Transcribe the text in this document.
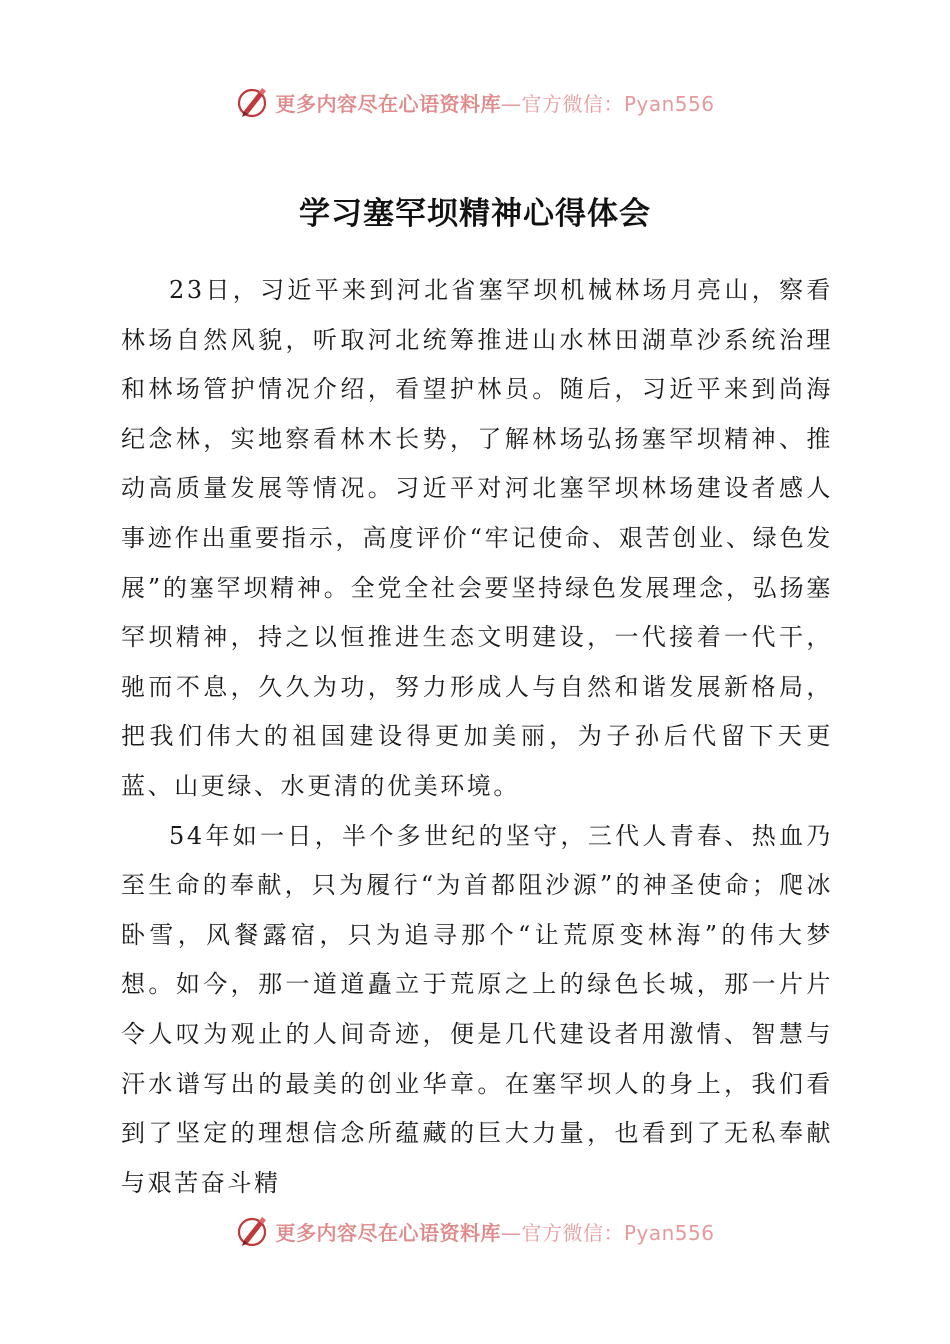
更多内容尽在心语资料库—官方微信：Pyan556
学习塞罕坝精神心得体会

23日，习近平来到河北省塞罕坝机械林场月亮山，察看林场自然风貌，听取河北统筹推进山水林田湖草沙系统治理和林场管护情况介绍，看望护林员。随后，习近平来到尚海纪念林，实地察看林木长势，了解林场弘扬塞罕坝精神、推动高质量发展等情况。习近平对河北塞罕坝林场建设者感人事迹作出重要指示，高度评价“牢记使命、艰苦创业、绿色发展”的塞罕坝精神。全党全社会要坚持绿色发展理念，弘扬塞罕坝精神，持之以恒推进生态文明建设，一代接着一代干，驰而不息，久久为功，努力形成人与自然和谐发展新格局，把我们伟大的祖国建设得更加美丽，为子孙后代留下天更蓝、山更绿、水更清的优美环境。

54年如一日，半个多世纪的坚守，三代人青春、热血乃至生命的奉献，只为履行“为首都阻沙源”的神圣使命；爬冰卧雪，风餐露宿，只为追寻那个“让荒原变林海”的伟大梦想。如今，那一道道矗立于荒原之上的绿色长城，那一片片令人叹为观止的人间奇迹，便是几代建设者用激情、智慧与汗水谱写出的最美的创业华章。在塞罕坝人的身上，我们看到了坚定的理想信念所蕴藏的巨大力量，也看到了无私奉献与艰苦奋斗精

更多内容尽在心语资料库—官方微信：Pyan556
